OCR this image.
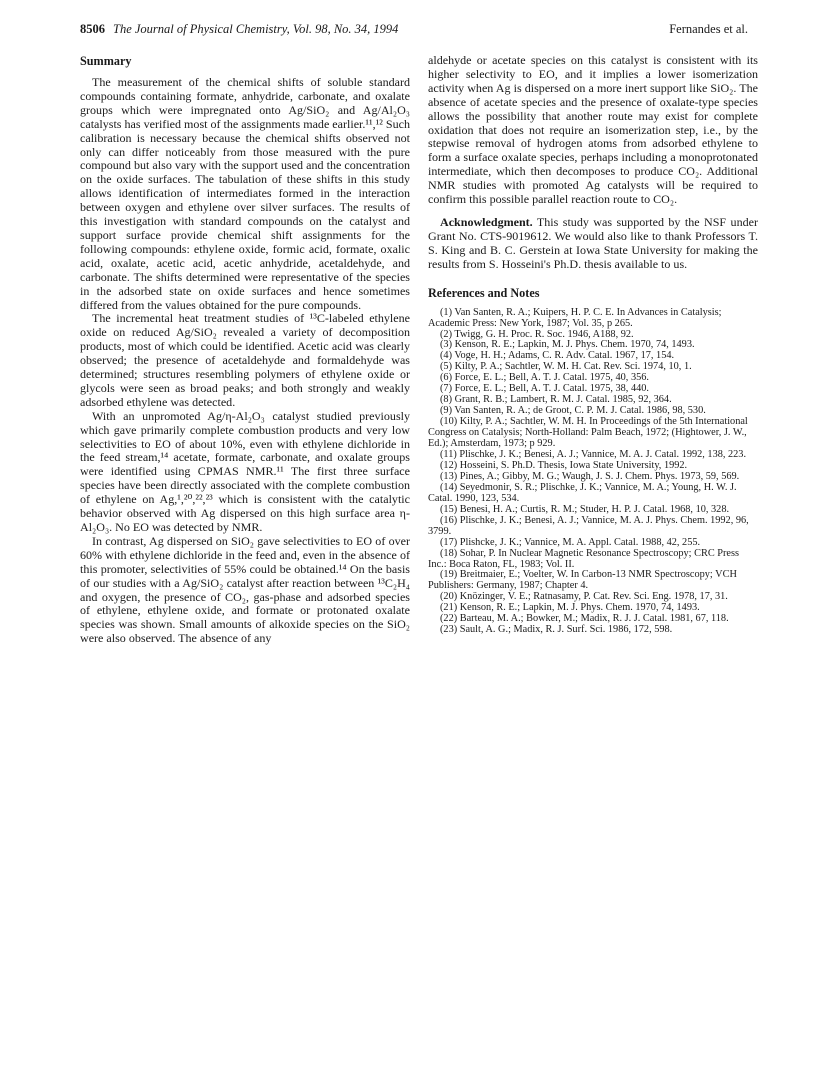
8506 The Journal of Physical Chemistry, Vol. 98, No. 34, 1994	Fernandes et al.
Summary

The measurement of the chemical shifts of soluble standard compounds containing formate, anhydride, carbonate, and oxalate groups which were impregnated onto Ag/SiO₂ and Ag/Al₂O₃ catalysts has verified most of the assignments made earlier.¹¹,¹² Such calibration is necessary because the chemical shifts observed not only can differ noticeably from those measured with the pure compound but also vary with the support used and the concentration on the oxide surfaces. The tabulation of these shifts in this study allows identification of intermediates formed in the interaction between oxygen and ethylene over silver surfaces. The results of this investigation with standard compounds on the catalyst and support surface provide chemical shift assignments for the following compounds: ethylene oxide, formic acid, formate, oxalic acid, oxalate, acetic acid, acetic anhydride, acetaldehyde, and carbonate. The shifts determined were representative of the species in the adsorbed state on oxide surfaces and hence sometimes differed from the values obtained for the pure compounds.

The incremental heat treatment studies of ¹³C-labeled ethylene oxide on reduced Ag/SiO₂ revealed a variety of decomposition products, most of which could be identified. Acetic acid was clearly observed; the presence of acetaldehyde and formaldehyde was determined; structures resembling polymers of ethylene oxide or glycols were seen as broad peaks; and both strongly and weakly adsorbed ethylene was detected.

With an unpromoted Ag/η-Al₂O₃ catalyst studied previously which gave primarily complete combustion products and very low selectivities to EO of about 10%, even with ethylene dichloride in the feed stream,¹⁴ acetate, formate, carbonate, and oxalate groups were identified using CPMAS NMR.¹¹ The first three surface species have been directly associated with the complete combustion of ethylene on Ag,¹,²⁰,²²,²³ which is consistent with the catalytic behavior observed with Ag dispersed on this high surface area η-Al₂O₃. No EO was detected by NMR.

In contrast, Ag dispersed on SiO₂ gave selectivities to EO of over 60% with ethylene dichloride in the feed and, even in the absence of this promoter, selectivities of 55% could be obtained.¹⁴ On the basis of our studies with a Ag/SiO₂ catalyst after reaction between ¹³C₂H₄ and oxygen, the presence of CO₂, gas-phase and adsorbed species of ethylene, ethylene oxide, and formate or protonated oxalate species was shown. Small amounts of alkoxide species on the SiO₂ were also observed. The absence of any

aldehyde or acetate species on this catalyst is consistent with its higher selectivity to EO, and it implies a lower isomerization activity when Ag is dispersed on a more inert support like SiO₂. The absence of acetate species and the presence of oxalate-type species allows the possibility that another route may exist for complete oxidation that does not require an isomerization step, i.e., by the stepwise removal of hydrogen atoms from adsorbed ethylene to form a surface oxalate species, perhaps including a monoprotonated intermediate, which then decomposes to produce CO₂. Additional NMR studies with promoted Ag catalysts will be required to confirm this possible parallel reaction route to CO₂.

Acknowledgment. This study was supported by the NSF under Grant No. CTS-9019612. We would also like to thank Professors T. S. King and B. C. Gerstein at Iowa State University for making the results from S. Hosseini's Ph.D. thesis available to us.

References and Notes
(1) Van Santen, R. A.; Kuipers, H. P. C. E. In Advances in Catalysis; Academic Press: New York, 1987; Vol. 35, p 265.
(2) Twigg, G. H. Proc. R. Soc. 1946, A188, 92.
(3) Kenson, R. E.; Lapkin, M. J. Phys. Chem. 1970, 74, 1493.
(4) Voge, H. H.; Adams, C. R. Adv. Catal. 1967, 17, 154.
(5) Kilty, P. A.; Sachtler, W. M. H. Cat. Rev. Sci. 1974, 10, 1.
(6) Force, E. L.; Bell, A. T. J. Catal. 1975, 40, 356.
(7) Force, E. L.; Bell, A. T. J. Catal. 1975, 38, 440.
(8) Grant, R. B.; Lambert, R. M. J. Catal. 1985, 92, 364.
(9) Van Santen, R. A.; de Groot, C. P. M. J. Catal. 1986, 98, 530.
(10) Kilty, P. A.; Sachtler, W. M. H. In Proceedings of the 5th International Congress on Catalysis; North-Holland: Palm Beach, 1972; (Hightower, J. W., Ed.); Amsterdam, 1973; p 929.
(11) Plischke, J. K.; Benesi, A. J.; Vannice, M. A. J. Catal. 1992, 138, 223.
(12) Hosseini, S. Ph.D. Thesis, Iowa State University, 1992.
(13) Pines, A.; Gibby, M. G.; Waugh, J. S. J. Chem. Phys. 1973, 59, 569.
(14) Seyedmonir, S. R.; Plischke, J. K.; Vannice, M. A.; Young, H. W. J. Catal. 1990, 123, 534.
(15) Benesi, H. A.; Curtis, R. M.; Studer, H. P. J. Catal. 1968, 10, 328.
(16) Plischke, J. K.; Benesi, A. J.; Vannice, M. A. J. Phys. Chem. 1992, 96, 3799.
(17) Plishcke, J. K.; Vannice, M. A. Appl. Catal. 1988, 42, 255.
(18) Sohar, P. In Nuclear Magnetic Resonance Spectroscopy; CRC Press Inc.: Boca Raton, FL, 1983; Vol. II.
(19) Breitmaier, E.; Voelter, W. In Carbon-13 NMR Spectroscopy; VCH Publishers: Germany, 1987; Chapter 4.
(20) Knözinger, V. E.; Ratnasamy, P. Cat. Rev. Sci. Eng. 1978, 17, 31.
(21) Kenson, R. E.; Lapkin, M. J. Phys. Chem. 1970, 74, 1493.
(22) Barteau, M. A.; Bowker, M.; Madix, R. J. J. Catal. 1981, 67, 118.
(23) Sault, A. G.; Madix, R. J. Surf. Sci. 1986, 172, 598.
